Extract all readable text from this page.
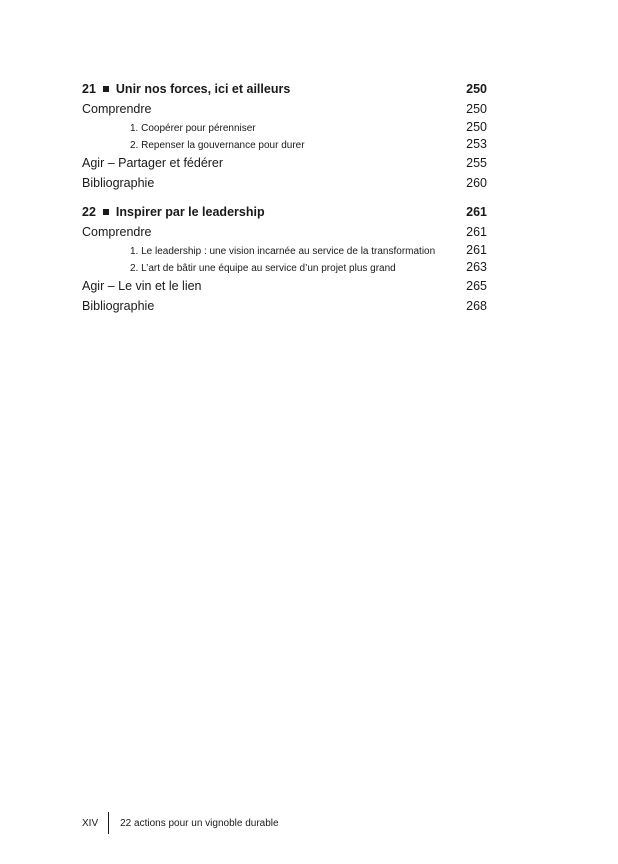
21 Unir nos forces, ici et ailleurs	250
Comprendre	250
1. Coopérer pour pérenniser	250
2. Repenser la gouvernance pour durer	253
Agir – Partager et fédérer	255
Bibliographie	260
22 Inspirer par le leadership	261
Comprendre	261
1. Le leadership : une vision incarnée au service de la transformation	261
2. L’art de bâtir une équipe au service d’un projet plus grand	263
Agir – Le vin et le lien	265
Bibliographie	268
XIV 22 actions pour un vignoble durable
